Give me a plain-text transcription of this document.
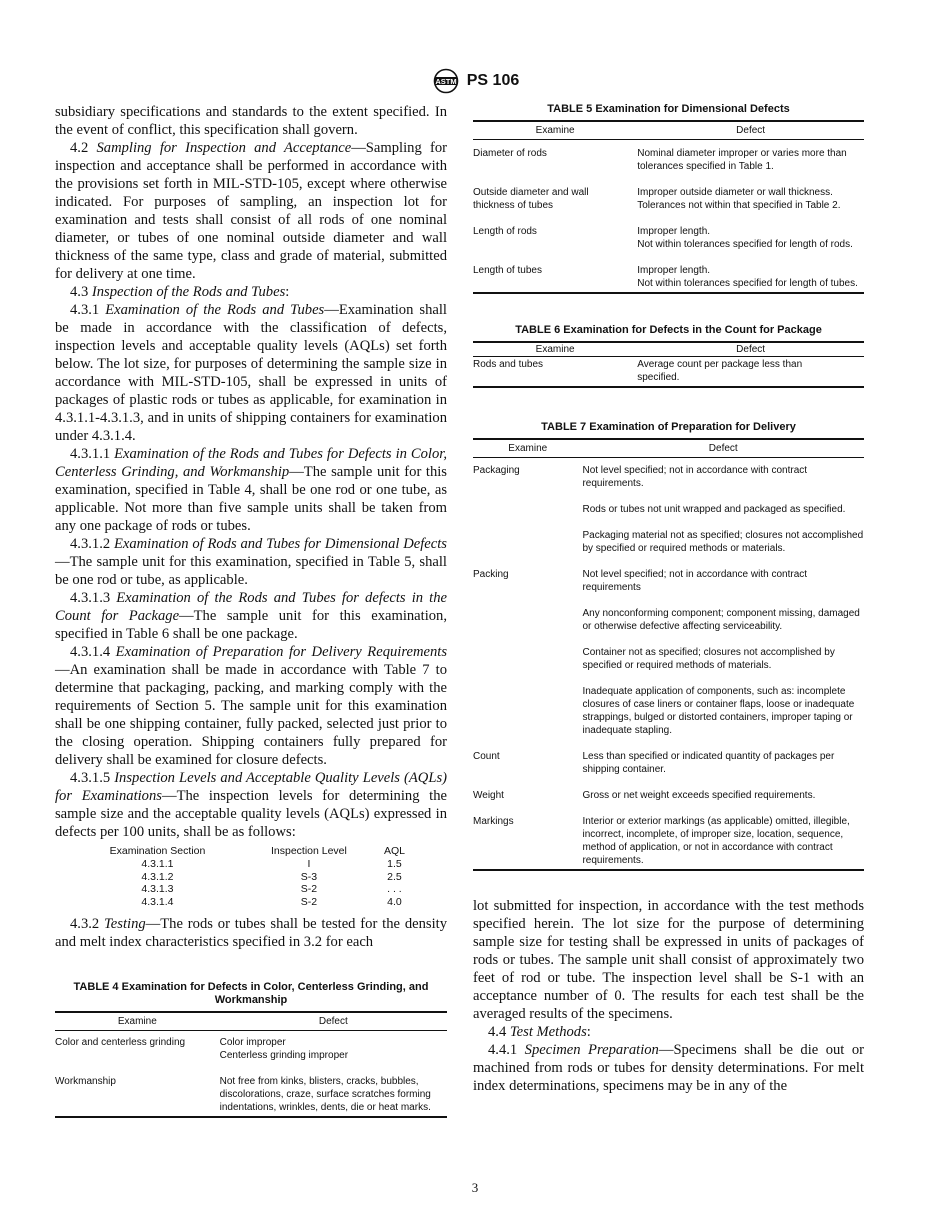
ASTM PS 106

subsidiary specifications and standards to the extent specified. In the event of conflict, this specification shall govern.

4.2 Sampling for Inspection and Acceptance—Sampling for inspection and acceptance shall be performed in accordance with the provisions set forth in MIL-STD-105, except where otherwise indicated. For purposes of sampling, an inspection lot for examination and tests shall consist of all rods of one nominal diameter, or tubes of one nominal outside diameter and wall thickness of the same type, class and grade of material, submitted for delivery at one time.

4.3 Inspection of the Rods and Tubes:

4.3.1 Examination of the Rods and Tubes—Examination shall be made in accordance with the classification of defects, inspection levels and acceptable quality levels (AQLs) set forth below. The lot size, for purposes of determining the sample size in accordance with MIL-STD-105, shall be expressed in units of packages of plastic rods or tubes as applicable, for examination in 4.3.1.1-4.3.1.3, and in units of shipping containers for examination under 4.3.1.4.

4.3.1.1 Examination of the Rods and Tubes for Defects in Color, Centerless Grinding, and Workmanship—The sample unit for this examination, specified in Table 4, shall be one rod or one tube, as applicable. Not more than five sample units shall be taken from any one package of rods or tubes.

4.3.1.2 Examination of Rods and Tubes for Dimensional Defects—The sample unit for this examination, specified in Table 5, shall be one rod or tube, as applicable.

4.3.1.3 Examination of the Rods and Tubes for defects in the Count for Package—The sample unit for this examination, specified in Table 6 shall be one package.

4.3.1.4 Examination of Preparation for Delivery Requirements—An examination shall be made in accordance with Table 7 to determine that packaging, packing, and marking comply with the requirements of Section 5. The sample unit for this examination shall be one shipping container, fully packed, selected just prior to the closing operation. Shipping containers fully prepared for delivery shall be examined for closure defects.

4.3.1.5 Inspection Levels and Acceptable Quality Levels (AQLs) for Examinations—The inspection levels for determining the sample size and the acceptable quality levels (AQLs) expressed in defects per 100 units, shall be as follows:

Examination Section	Inspection Level	AQL
4.3.1.1	I	1.5
4.3.1.2	S-3	2.5
4.3.1.3	S-2	. . .
4.3.1.4	S-2	4.0

4.3.2 Testing—The rods or tubes shall be tested for the density and melt index characteristics specified in 3.2 for each

TABLE 4 Examination for Defects in Color, Centerless Grinding, and Workmanship
Examine	Defect
Color and centerless grinding	Color improper
Centerless grinding improper

Workmanship	Not free from kinks, blisters, cracks, bubbles, discolorations, craze, surface scratches forming indentations, wrinkles, dents, die or heat marks.
TABLE 5 Examination for Dimensional Defects
Examine	Defect
Diameter of rods	Nominal diameter improper or varies more than tolerances specified in Table 1.

Outside diameter and wall thickness of tubes	Improper outside diameter or wall thickness. Tolerances not within that specified in Table 2.

Length of rods	Improper length.
Not within tolerances specified for length of rods.

Length of tubes	Improper length.
Not within tolerances specified for length of tubes.
TABLE 6 Examination for Defects in the Count for Package
Examine	Defect
Rods and tubes	Average count per package less than specified.
TABLE 7 Examination of Preparation for Delivery
Examine	Defect
Packaging	Not level specified; not in accordance with contract requirements.

	Rods or tubes not unit wrapped and packaged as specified.

	Packaging material not as specified; closures not accomplished by specified or required methods or materials.

Packing	Not level specified; not in accordance with contract requirements

	Any nonconforming component; component missing, damaged or otherwise defective affecting serviceability.

	Container not as specified; closures not accomplished by specified or required methods of materials.

	Inadequate application of components, such as: incomplete closures of case liners or container flaps, loose or inadequate strappings, bulged or distorted containers, improper taping or inadequate stapling.

Count	Less than specified or indicated quantity of packages per shipping container.

Weight	Gross or net weight exceeds specified requirements.

Markings	Interior or exterior markings (as applicable) omitted, illegible, incorrect, incomplete, of improper size, location, sequence, method of application, or not in accordance with contract requirements.

lot submitted for inspection, in accordance with the test methods specified herein. The lot size for the purpose of determining sample size for testing shall be expressed in units of packages of rods or tubes. The sample unit shall consist of approximately two feet of rod or tube. The inspection level shall be S-1 with an acceptance number of 0. The results for each test shall be the averaged results of the specimens.

4.4 Test Methods:

4.4.1 Specimen Preparation—Specimens shall be die out or machined from rods or tubes for density determinations. For melt index determinations, specimens may be in any of the

3
